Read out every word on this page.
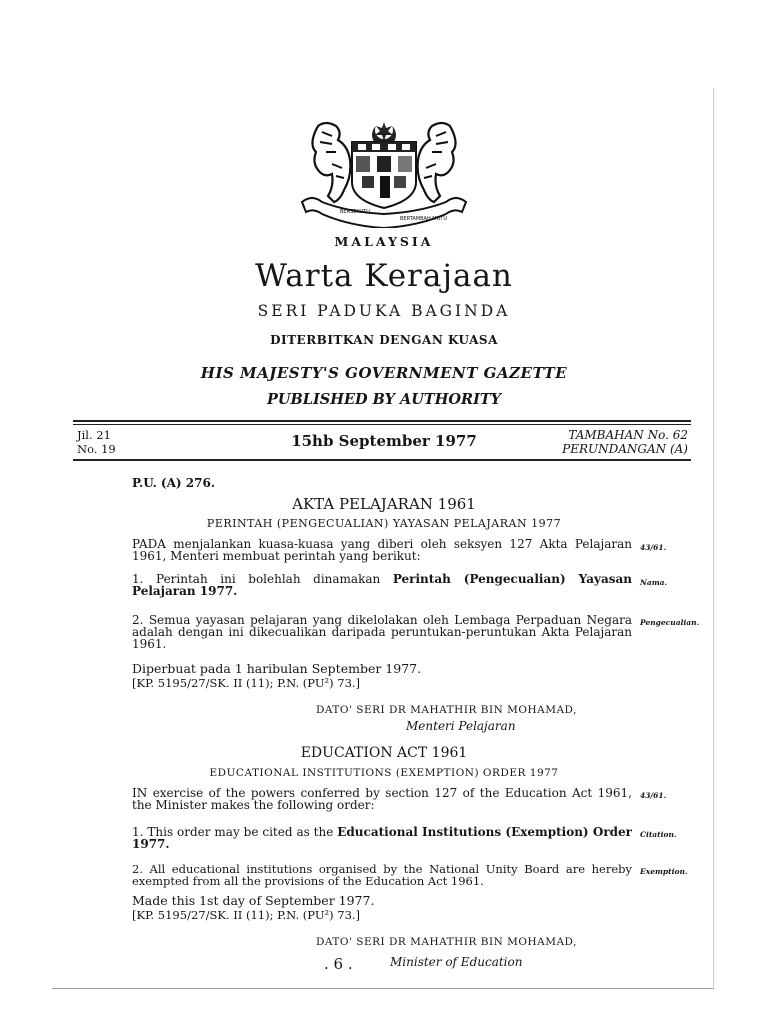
BERSEKUTU
BERTAMBAH MUTU
MALAYSIA
Warta Kerajaan
SERI PADUKA BAGINDA
DITERBITKAN DENGAN KUASA
HIS MAJESTY'S GOVERNMENT GAZETTE
PUBLISHED BY AUTHORITY
Jil. 21
No. 19	15hb September 1977	TAMBAHAN No. 62
PERUNDANGAN (A)
P.U. (A) 276.
AKTA PELAJARAN 1961
PERINTAH (PENGECUALIAN) YAYASAN PELAJARAN 1977
PADA menjalankan kuasa-kuasa yang diberi oleh seksyen 127 Akta Pelajaran 1961, Menteri membuat perintah yang berikut:
43/61.
1. Perintah ini bolehlah dinamakan Perintah (Pengecualian) Yayasan Pelajaran 1977.
Nama.
2. Semua yayasan pelajaran yang dikelolakan oleh Lembaga Perpaduan Negara adalah dengan ini dikecualikan daripada peruntukan-peruntukan Akta Pelajaran 1961.
Pengecualian.
Diperbuat pada 1 haribulan September 1977.
[KP. 5195/27/SK. II (11); P.N. (PU²) 73.]
DATO' SERI DR MAHATHIR BIN MOHAMAD,
Menteri Pelajaran
EDUCATION ACT 1961
EDUCATIONAL INSTITUTIONS (EXEMPTION) ORDER 1977
IN exercise of the powers conferred by section 127 of the Education Act 1961, the Minister makes the following order:
43/61.
1. This order may be cited as the Educational Institutions (Exemption) Order 1977.
Citation.
2. All educational institutions organised by the National Unity Board are hereby exempted from all the provisions of the Education Act 1961.
Exemption.
Made this 1st day of September 1977.
[KP. 5195/27/SK. II (11); P.N. (PU²) 73.]
DATO' SERI DR MAHATHIR BIN MOHAMAD,
Minister of Education
. 6 .
